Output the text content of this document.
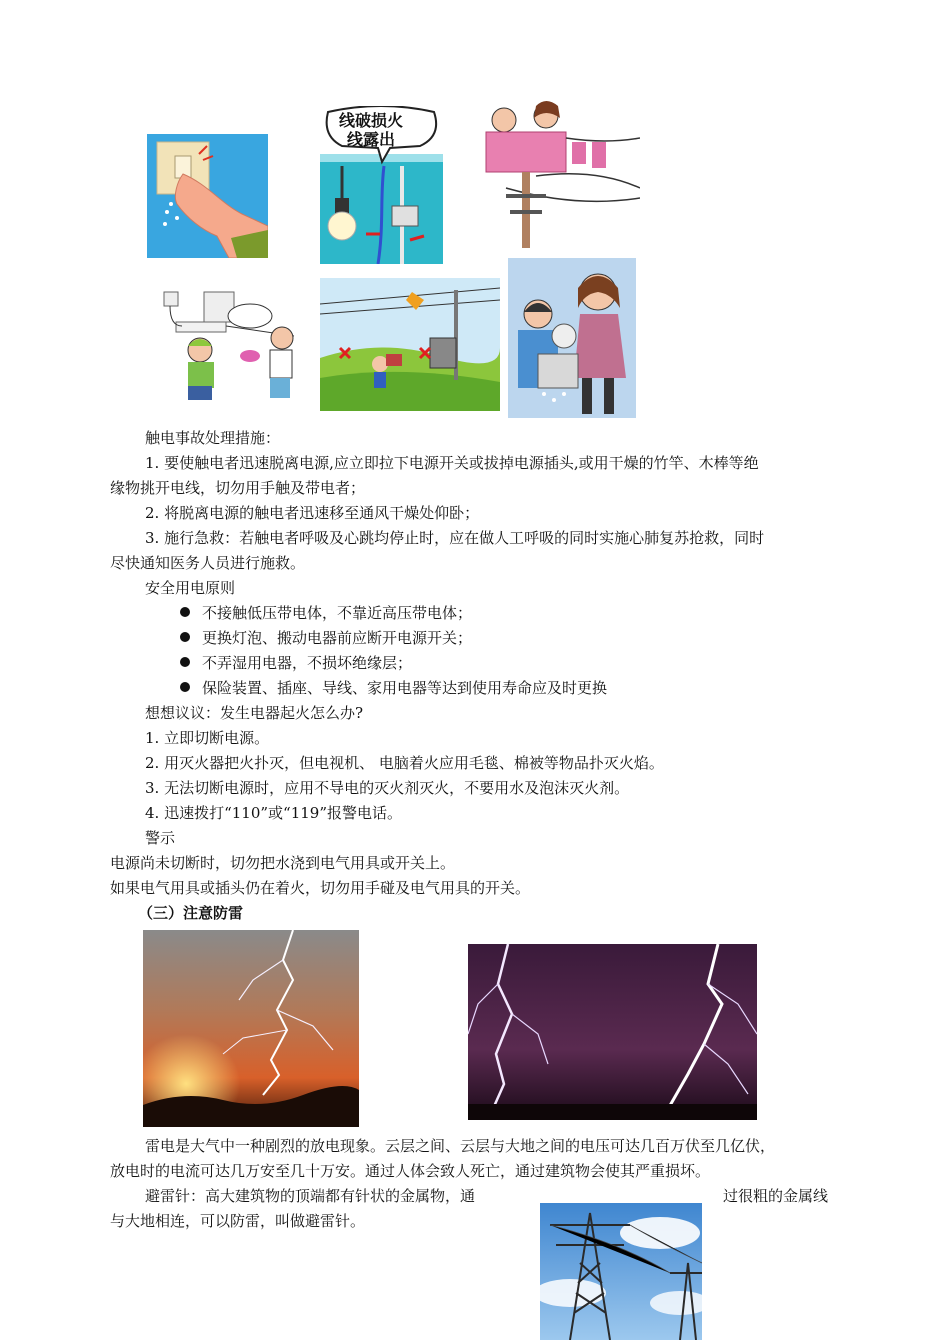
线破损火
线露出
触电事故处理措施：
1. 要使触电者迅速脱离电源,应立即拉下电源开关或拔掉电源插头,或用干燥的竹竿、木棒等绝
缘物挑开电线，切勿用手触及带电者；
2. 将脱离电源的触电者迅速移至通风干燥处仰卧；
3. 施行急救：若触电者呼吸及心跳均停止时，应在做人工呼吸的同时实施心肺复苏抢救，同时
尽快通知医务人员进行施救。
安全用电原则
不接触低压带电体，不靠近高压带电体；
更换灯泡、搬动电器前应断开电源开关；
不弄湿用电器，不损坏绝缘层；
保险装置、插座、导线、家用电器等达到使用寿命应及时更换
想想议议：发生电器起火怎么办?
1. 立即切断电源。
2. 用灭火器把火扑灭，但电视机、 电脑着火应用毛毯、棉被等物品扑灭火焰。
3. 无法切断电源时，应用不导电的灭火剂灭火，不要用水及泡沫灭火剂。
4. 迅速拨打“110”或“119”报警电话。
警示
电源尚未切断时，切勿把水浇到电气用具或开关上。
如果电气用具或插头仍在着火，切勿用手碰及电气用具的开关。
（三）注意防雷
雷电是大气中一种剧烈的放电现象。云层之间、云层与大地之间的电压可达几百万伏至几亿伏，
放电时的电流可达几万安至几十万安。通过人体会致人死亡，通过建筑物会使其严重损坏。
避雷针：高大建筑物的顶端都有针状的金属物，通	过很粗的金属线
与大地相连，可以防雷，叫做避雷针。
